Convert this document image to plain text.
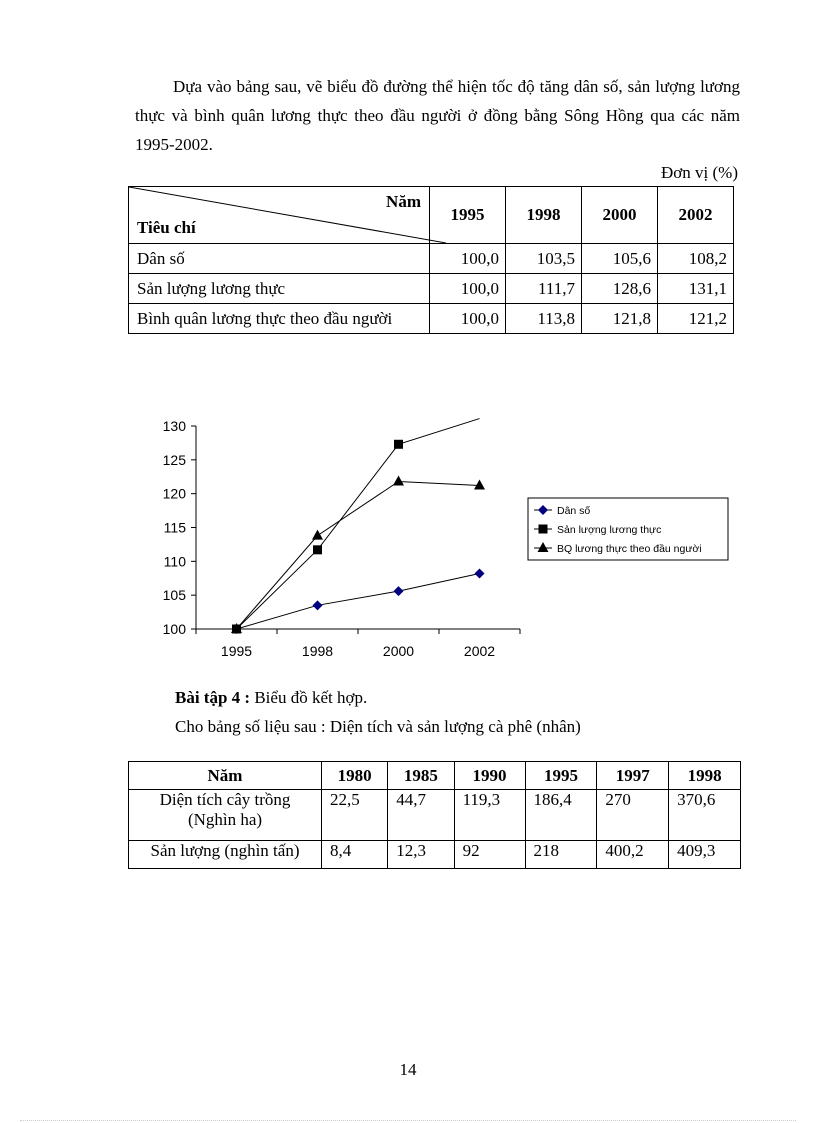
Dựa vào bảng sau, vẽ biểu đồ đường thể hiện tốc độ tăng dân số, sản lượng lương thực và bình quân lương thực theo đầu người ở đồng bằng Sông Hồng qua các năm 1995-2002.

Đơn vị (%)
Năm
Tiêu chí	1995	1998	2000	2002
Dân số	100,0	103,5	105,6	108,2
Sản lượng lương thực	100,0	111,7	128,6	131,1
Bình quân lương thực theo đầu người	100,0	113,8	121,8	121,2
130
125
120
115
110
105
100
1995	1998	2000	2002
Dân số
Sản lượng lương thực
BQ lương thực theo đầu người

Bài tập 4 : Biểu đồ kết hợp.

Cho bảng số liệu sau : Diện tích và sản lượng cà phê (nhân)

Năm	1980	1985	1990	1995	1997	1998
Diện tích cây trồng (Nghìn ha)	22,5	44,7	119,3	186,4	270	370,6
Sản lượng (nghìn tấn)	8,4	12,3	92	218	400,2	409,3
14
